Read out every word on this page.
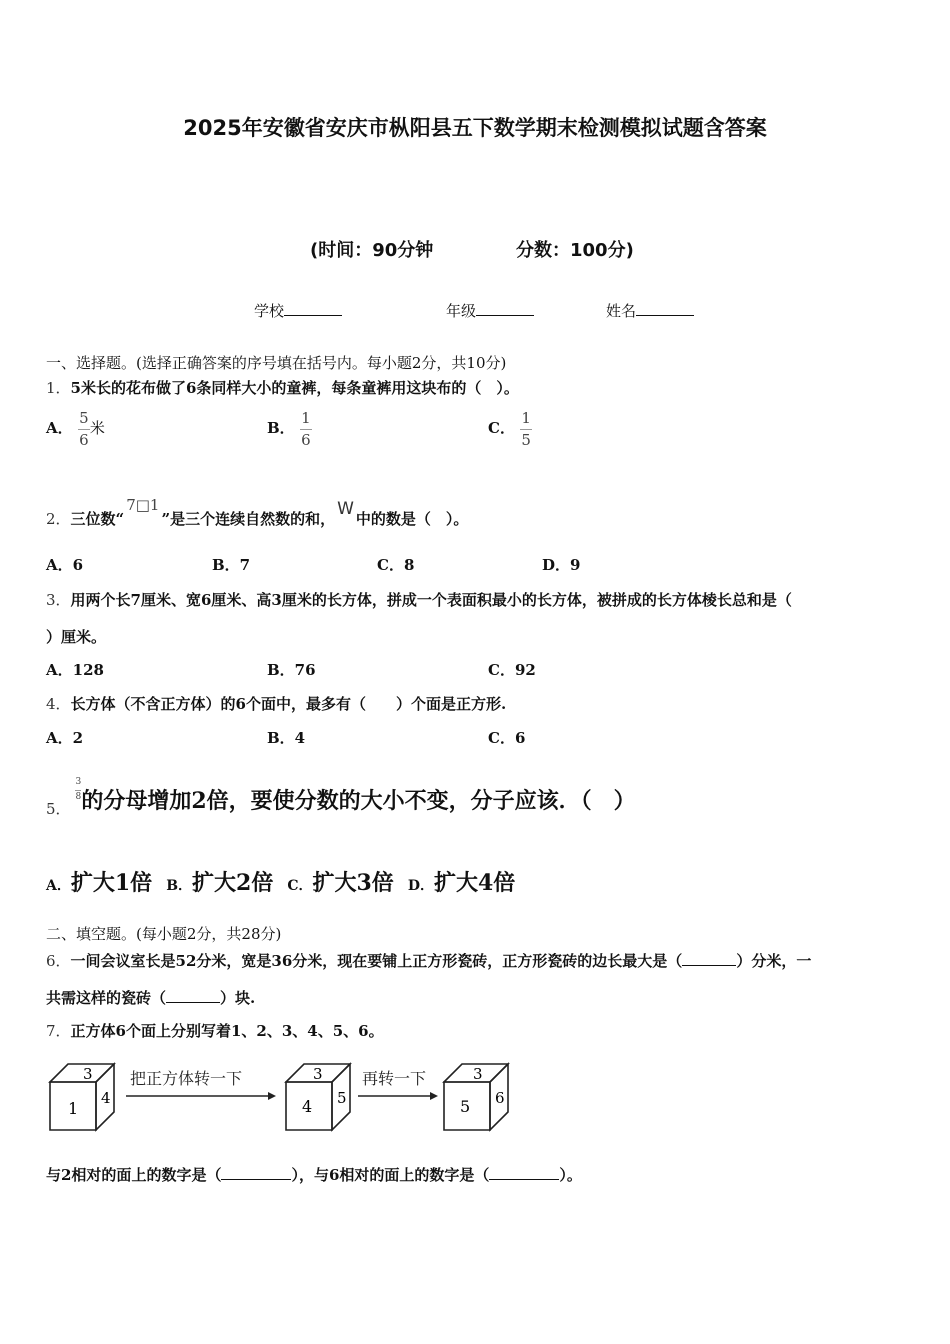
2025年安徽省安庆市枞阳县五下数学期末检测模拟试题含答案
(时间：90分钟	分数：100分)
学校	年级	姓名
一、选择题。(选择正确答案的序号填在括号内。每小题2分，共10分)
1．5米长的花布做了6条同样大小的童裤，每条童裤用这块布的（　）。
A． $\frac{5}{6}$ 米	B． $\frac{1}{6}$	C． $\frac{1}{5}$
2．三位数“7□1”是三个连续自然数的和， W 中的数是（　）。
A．6	B．7	C．8	D．9
3．用两个长7厘米、宽6厘米、高3厘米的长方体，拼成一个表面积最小的长方体，被拼成的长方体棱长总和是（
）厘米。
A．128	B．76	C．92
4．长方体（不含正方体）的6个面中，最多有（　　）个面是正方形.
A．2	B．4	C．6
5．
$\frac{3}{8}$ 的分母增加2倍，要使分数的大小不变，分子应该．（　）
A．扩大1倍 B．扩大2倍 C．扩大3倍 D．扩大4倍
二、填空题。(每小题2分，共28分)
6．一间会议室长是52分米，宽是36分米，现在要铺上正方形瓷砖，正方形瓷砖的边长最大是（	）分米，一
共需这样的瓷砖（	）块.
7．正方体6个面上分别写着1、2、3、4、5、6。
3
1
4
把正方体转一下	3
4 5
再转一下	3
5 6
与2相对的面上的数字是（	），与6相对的面上的数字是（	）。
